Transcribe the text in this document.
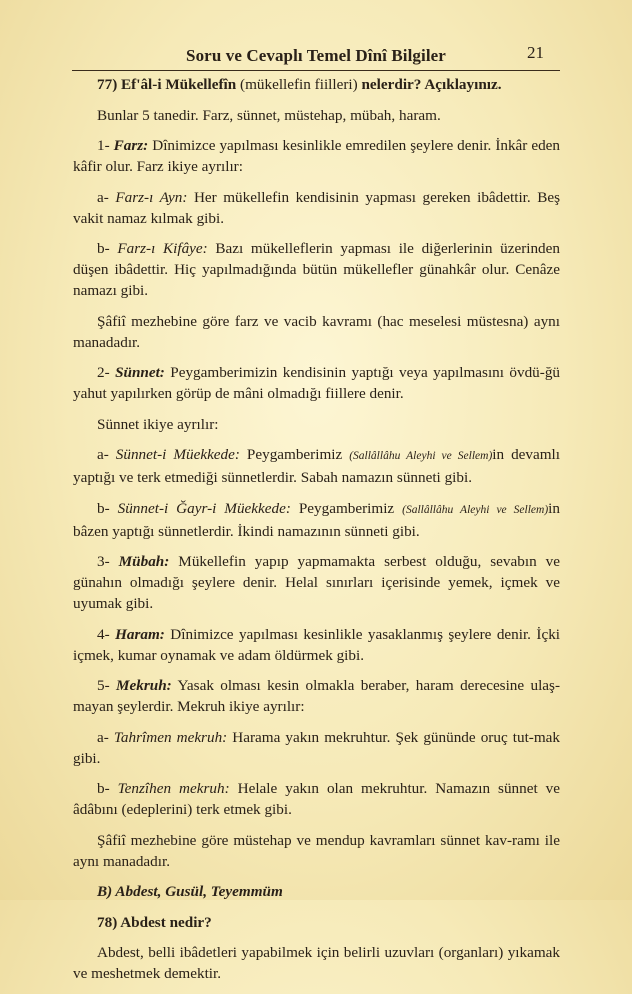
Soru ve Cevaplı Temel Dînî Bilgiler	21

77) Ef'âl-i Mükellefîn (mükellefin fiilleri) nelerdir? Açıklayınız.

Bunlar 5 tanedir. Farz, sünnet, müstehap, mübah, haram.

1- Farz: Dînimizce yapılması kesinlikle emredilen şeylere denir. İnkâr eden kâfir olur. Farz ikiye ayrılır:

a- Farz-ı Ayn: Her mükellefin kendisinin yapması gereken ibâdettir. Beş vakit namaz kılmak gibi.

b- Farz-ı Kifâye: Bazı mükelleflerin yapması ile diğerlerinin üzerinden düşen ibâdettir. Hiç yapılmadığında bütün mükellefler günahkâr olur. Cenâze namazı gibi.

Şâfiî mezhebine göre farz ve vacib kavramı (hac meselesi müstesna) aynı manadadır.

2- Sünnet: Peygamberimizin kendisinin yaptığı veya yapılmasını övdü-ğü yahut yapılırken görüp de mâni olmadığı fiillere denir.

Sünnet ikiye ayrılır:

a- Sünnet-i Müekkede: Peygamberimiz (Sallâllâhu Aleyhi ve Sellem)in devamlı yaptığı ve terk etmediği sünnetlerdir. Sabah namazın sünneti gibi.

b- Sünnet-i Ğayr-i Müekkede: Peygamberimiz (Sallâllâhu Aleyhi ve Sellem)in bâzen yaptığı sünnetlerdir. İkindi namazının sünneti gibi.

3- Mübah: Mükellefin yapıp yapmamakta serbest olduğu, sevabın ve günahın olmadığı şeylere denir. Helal sınırları içerisinde yemek, içmek ve uyumak gibi.

4- Haram: Dînimizce yapılması kesinlikle yasaklanmış şeylere denir. İçki içmek, kumar oynamak ve adam öldürmek gibi.

5- Mekruh: Yasak olması kesin olmakla beraber, haram derecesine ulaş-mayan şeylerdir. Mekruh ikiye ayrılır:

a- Tahrîmen mekruh: Harama yakın mekruhtur. Şek gününde oruç tut-mak gibi.

b- Tenzîhen mekruh: Helale yakın olan mekruhtur. Namazın sünnet ve âdâbını (edeplerini) terk etmek gibi.

Şâfiî mezhebine göre müstehap ve mendup kavramları sünnet kav-ramı ile aynı manadadır.

B) Abdest, Gusül, Teyemmüm

78) Abdest nedir?

Abdest, belli ibâdetleri yapabilmek için belirli uzuvları (organları) yıkamak ve meshetmek demektir.
